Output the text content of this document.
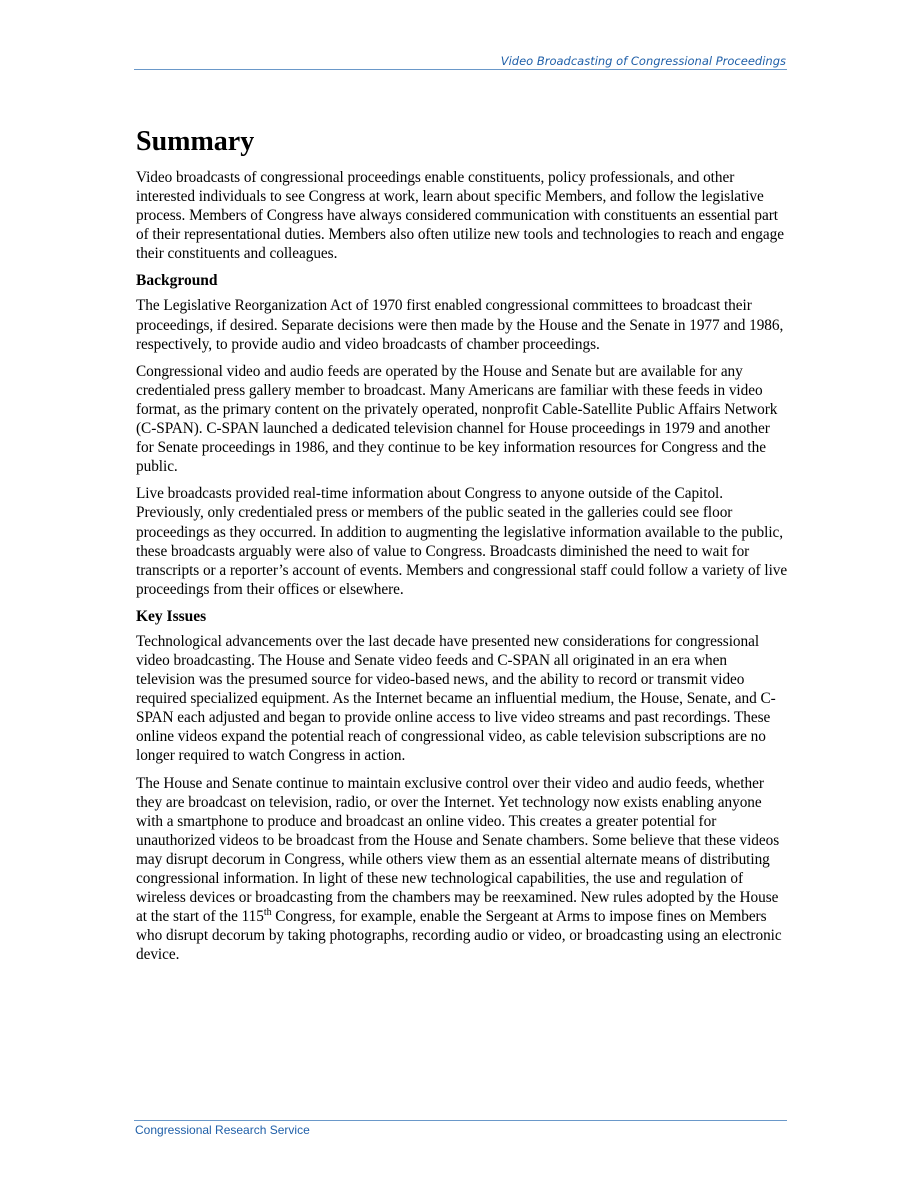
Video Broadcasting of Congressional Proceedings
Summary

Video broadcasts of congressional proceedings enable constituents, policy professionals, and other interested individuals to see Congress at work, learn about specific Members, and follow the legislative process. Members of Congress have always considered communication with constituents an essential part of their representational duties. Members also often utilize new tools and technologies to reach and engage their constituents and colleagues.

Background

The Legislative Reorganization Act of 1970 first enabled congressional committees to broadcast their proceedings, if desired. Separate decisions were then made by the House and the Senate in 1977 and 1986, respectively, to provide audio and video broadcasts of chamber proceedings.

Congressional video and audio feeds are operated by the House and Senate but are available for any credentialed press gallery member to broadcast. Many Americans are familiar with these feeds in video format, as the primary content on the privately operated, nonprofit Cable-Satellite Public Affairs Network (C-SPAN). C-SPAN launched a dedicated television channel for House proceedings in 1979 and another for Senate proceedings in 1986, and they continue to be key information resources for Congress and the public.

Live broadcasts provided real-time information about Congress to anyone outside of the Capitol. Previously, only credentialed press or members of the public seated in the galleries could see floor proceedings as they occurred. In addition to augmenting the legislative information available to the public, these broadcasts arguably were also of value to Congress. Broadcasts diminished the need to wait for transcripts or a reporter’s account of events. Members and congressional staff could follow a variety of live proceedings from their offices or elsewhere.

Key Issues

Technological advancements over the last decade have presented new considerations for congressional video broadcasting. The House and Senate video feeds and C-SPAN all originated in an era when television was the presumed source for video-based news, and the ability to record or transmit video required specialized equipment. As the Internet became an influential medium, the House, Senate, and C-SPAN each adjusted and began to provide online access to live video streams and past recordings. These online videos expand the potential reach of congressional video, as cable television subscriptions are no longer required to watch Congress in action.

The House and Senate continue to maintain exclusive control over their video and audio feeds, whether they are broadcast on television, radio, or over the Internet. Yet technology now exists enabling anyone with a smartphone to produce and broadcast an online video. This creates a greater potential for unauthorized videos to be broadcast from the House and Senate chambers. Some believe that these videos may disrupt decorum in Congress, while others view them as an essential alternate means of distributing congressional information. In light of these new technological capabilities, the use and regulation of wireless devices or broadcasting from the chambers may be reexamined. New rules adopted by the House at the start of the 115th Congress, for example, enable the Sergeant at Arms to impose fines on Members who disrupt decorum by taking photographs, recording audio or video, or broadcasting using an electronic device.

Congressional Research Service
